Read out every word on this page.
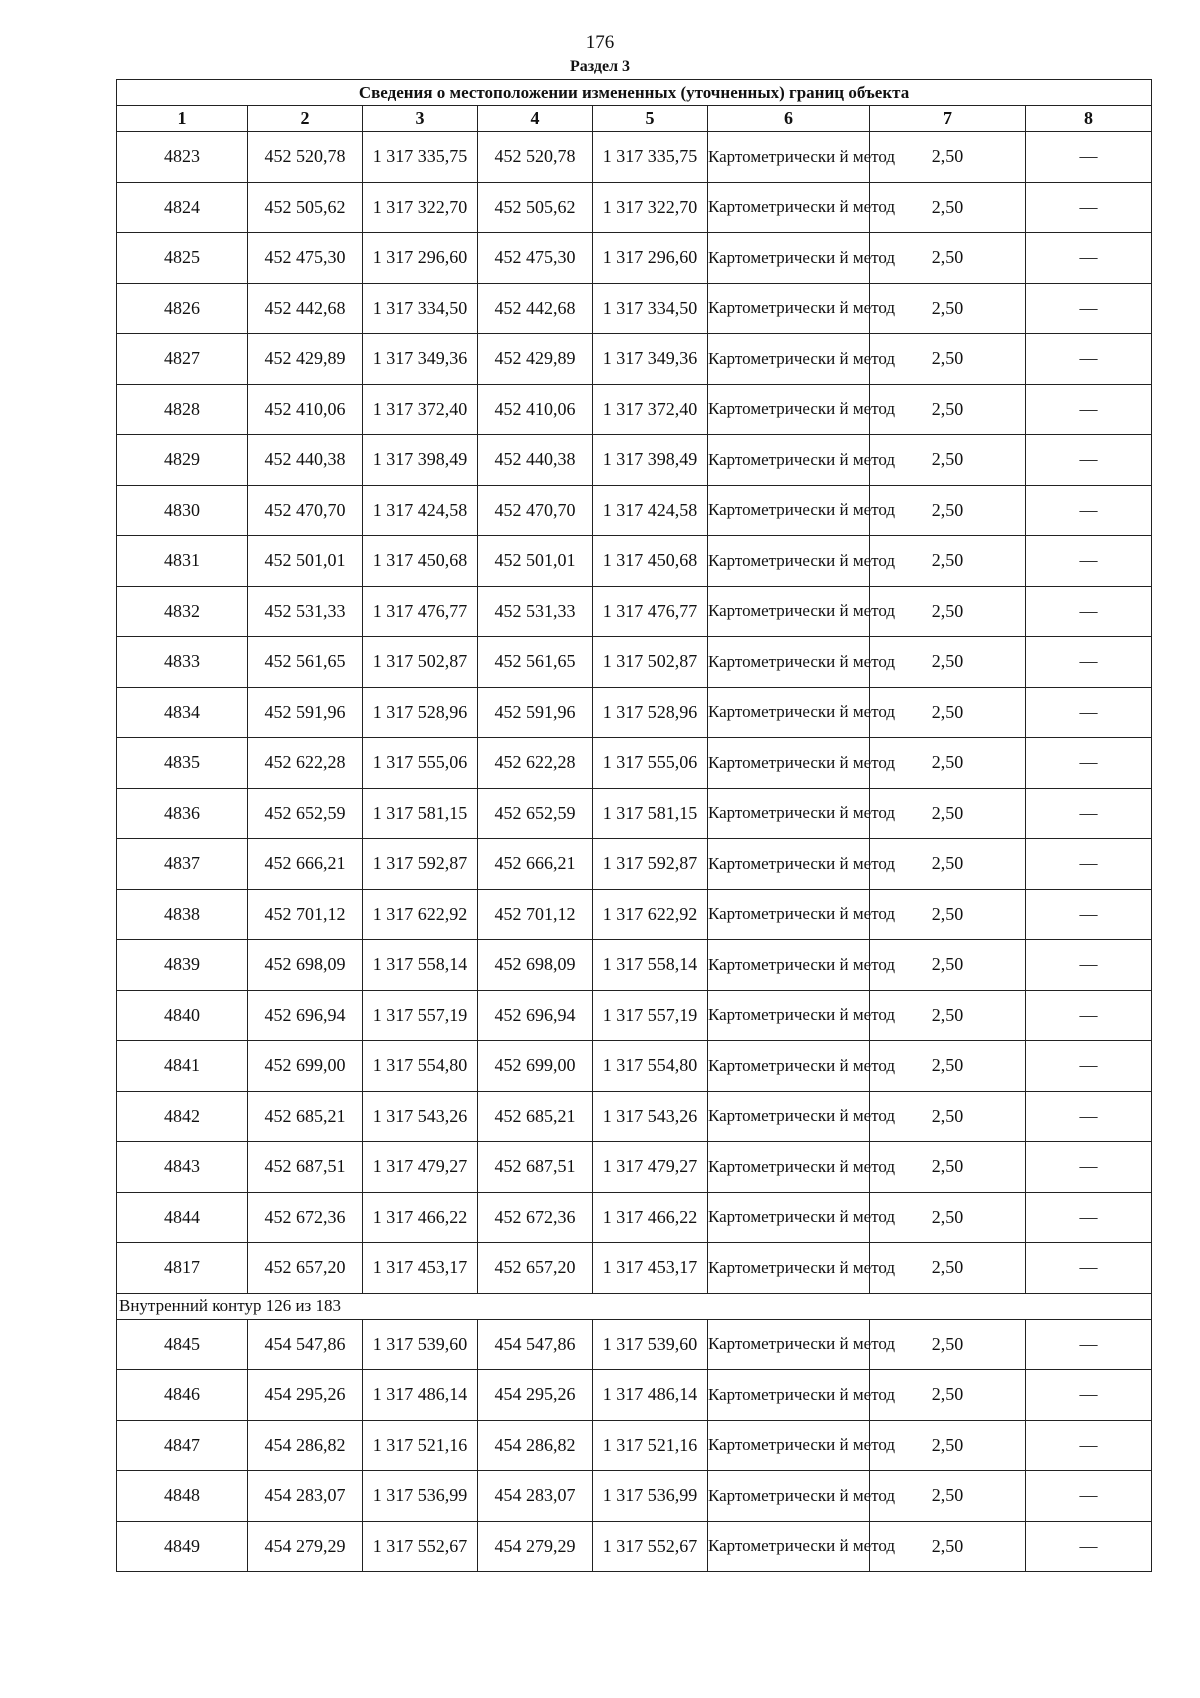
176
Раздел 3
Сведения о местоположении измененных (уточненных) границ объекта							
1	2	3	4	5	6	7	8
4823	452 520,78	1 317 335,75	452 520,78	1 317 335,75	Картометрически й метод	2,50	—
4824	452 505,62	1 317 322,70	452 505,62	1 317 322,70	Картометрически й метод	2,50	—
4825	452 475,30	1 317 296,60	452 475,30	1 317 296,60	Картометрически й метод	2,50	—
4826	452 442,68	1 317 334,50	452 442,68	1 317 334,50	Картометрически й метод	2,50	—
4827	452 429,89	1 317 349,36	452 429,89	1 317 349,36	Картометрически й метод	2,50	—
4828	452 410,06	1 317 372,40	452 410,06	1 317 372,40	Картометрически й метод	2,50	—
4829	452 440,38	1 317 398,49	452 440,38	1 317 398,49	Картометрически й метод	2,50	—
4830	452 470,70	1 317 424,58	452 470,70	1 317 424,58	Картометрически й метод	2,50	—
4831	452 501,01	1 317 450,68	452 501,01	1 317 450,68	Картометрически й метод	2,50	—
4832	452 531,33	1 317 476,77	452 531,33	1 317 476,77	Картометрически й метод	2,50	—
4833	452 561,65	1 317 502,87	452 561,65	1 317 502,87	Картометрически й метод	2,50	—
4834	452 591,96	1 317 528,96	452 591,96	1 317 528,96	Картометрически й метод	2,50	—
4835	452 622,28	1 317 555,06	452 622,28	1 317 555,06	Картометрически й метод	2,50	—
4836	452 652,59	1 317 581,15	452 652,59	1 317 581,15	Картометрически й метод	2,50	—
4837	452 666,21	1 317 592,87	452 666,21	1 317 592,87	Картометрически й метод	2,50	—
4838	452 701,12	1 317 622,92	452 701,12	1 317 622,92	Картометрически й метод	2,50	—
4839	452 698,09	1 317 558,14	452 698,09	1 317 558,14	Картометрически й метод	2,50	—
4840	452 696,94	1 317 557,19	452 696,94	1 317 557,19	Картометрически й метод	2,50	—
4841	452 699,00	1 317 554,80	452 699,00	1 317 554,80	Картометрически й метод	2,50	—
4842	452 685,21	1 317 543,26	452 685,21	1 317 543,26	Картометрически й метод	2,50	—
4843	452 687,51	1 317 479,27	452 687,51	1 317 479,27	Картометрически й метод	2,50	—
4844	452 672,36	1 317 466,22	452 672,36	1 317 466,22	Картометрически й метод	2,50	—
4817	452 657,20	1 317 453,17	452 657,20	1 317 453,17	Картометрически й метод	2,50	—
Внутренний контур 126 из 183							
4845	454 547,86	1 317 539,60	454 547,86	1 317 539,60	Картометрически й метод	2,50	—
4846	454 295,26	1 317 486,14	454 295,26	1 317 486,14	Картометрически й метод	2,50	—
4847	454 286,82	1 317 521,16	454 286,82	1 317 521,16	Картометрически й метод	2,50	—
4848	454 283,07	1 317 536,99	454 283,07	1 317 536,99	Картометрически й метод	2,50	—
4849	454 279,29	1 317 552,67	454 279,29	1 317 552,67	Картометрически й метод	2,50	—
